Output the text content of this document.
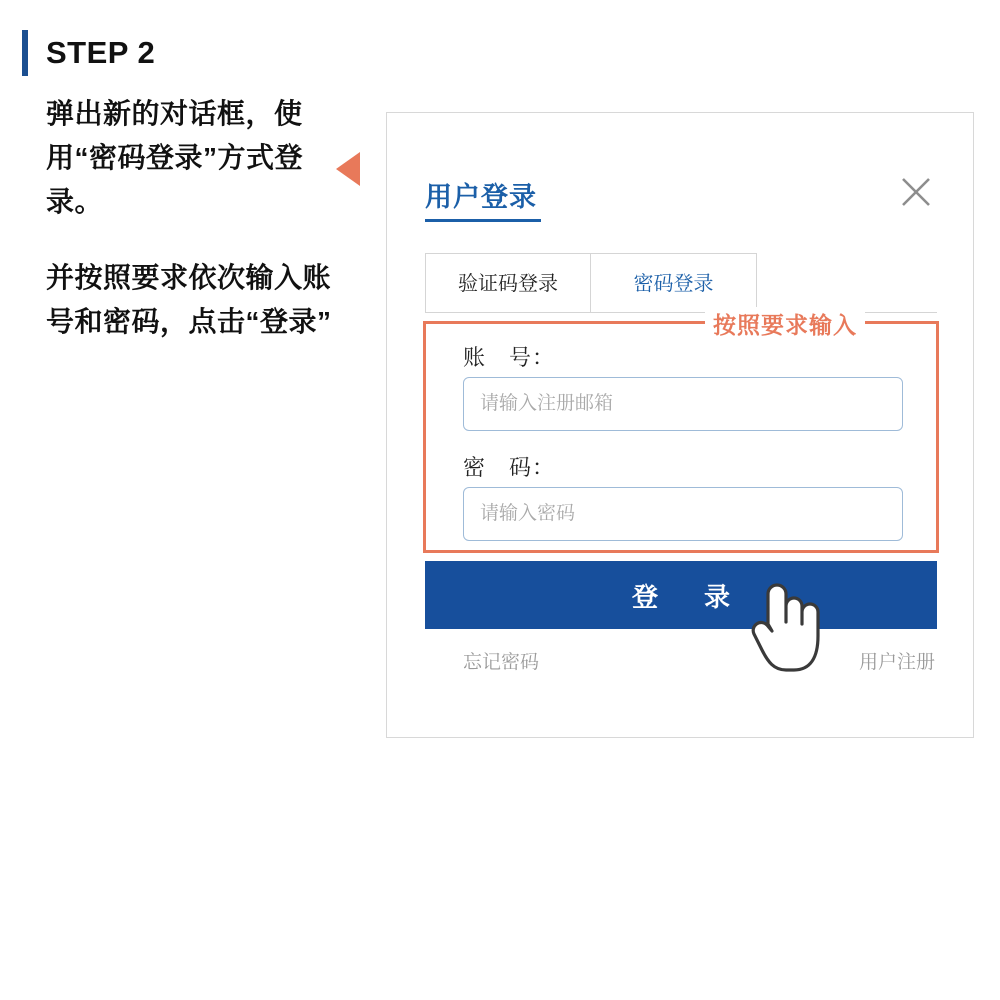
STEP 2

弹出新的对话框，使用“密码登录”方式登录。

并按照要求依次输入账号和密码，点击“登录”

用户登录
验证码登录	密码登录
按照要求输入
账　号：
请输入注册邮箱
密　码：
登　录
忘记密码	用户注册
